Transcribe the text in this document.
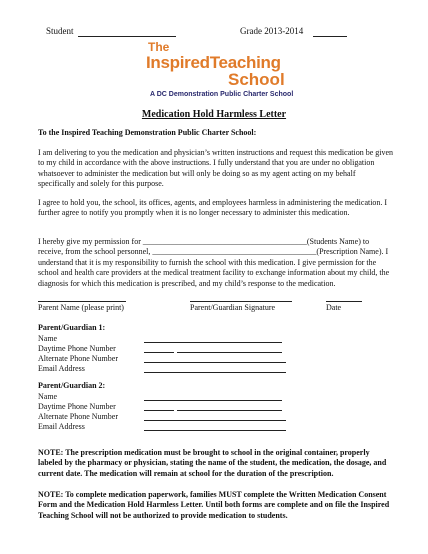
Student	Grade 2013-2014
The
InspiredTeaching
School
A DC Demonstration Public Charter School
Medication Hold Harmless Letter
To the Inspired Teaching Demonstration Public Charter School:
I am delivering to you the medication and physician’s written instructions and request this medication be given to my child in accordance with the above instructions. I fully understand that you are under no obligation whatsoever to administer the medication but will only be doing so as my agent acting on my behalf specifically and solely for this purpose.
I agree to hold you, the school, its offices, agents, and employees harmless in administering the medication. I further agree to notify you promptly when it is no longer necessary to administer this medication.
I hereby give my permission for _________________________________________(Students Name) to receive, from the school personnel, _________________________________________(Prescription Name). I understand that it is my responsibility to furnish the school with this medication. I give permission for the school and health care providers at the medical treatment facility to exchange information about my child, the diagnosis for which this medication is prescribed, and my child’s response to the medication.
Parent Name (please print)	Parent/Guardian Signature	Date
Parent/Guardian 1:
Name
Daytime Phone Number
Alternate Phone Number
Email Address
Parent/Guardian 2:
Name
Daytime Phone Number
Alternate Phone Number
Email Address
NOTE: The prescription medication must be brought to school in the original container, properly labeled by the pharmacy or physician, stating the name of the student, the medication, the dosage, and current date. The medication will remain at school for the duration of the prescription.
NOTE: To complete medication paperwork, families MUST complete the Written Medication Consent Form and the Medication Hold Harmless Letter. Until both forms are complete and on file the Inspired Teaching School will not be authorized to provide medication to students.
